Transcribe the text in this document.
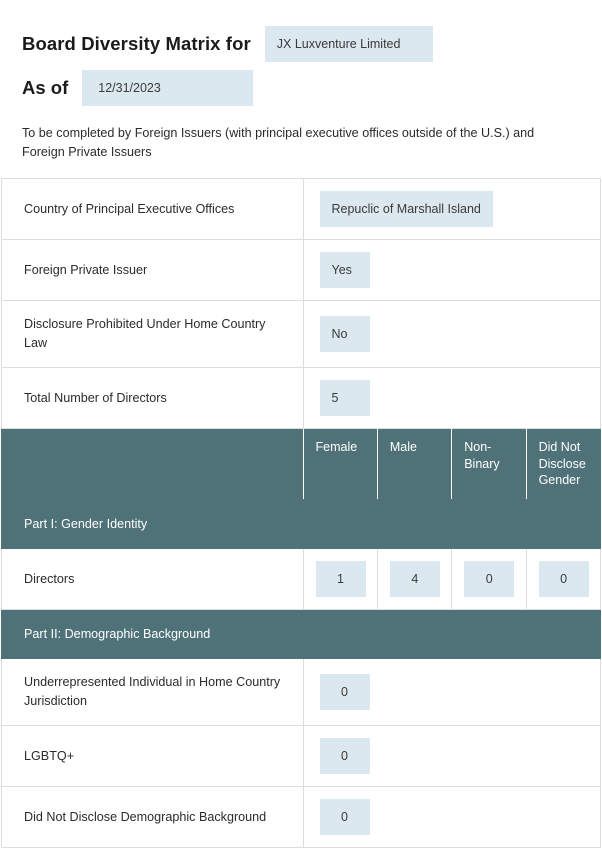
Board Diversity Matrix for	JX Luxventure Limited
As of	12/31/2023
To be completed by Foreign Issuers (with principal executive offices outside of the U.S.) and Foreign Private Issuers
Country of Principal Executive Offices	Repuclic of Marshall Island			
Foreign Private Issuer	Yes			
Disclosure Prohibited Under Home Country Law	No			
Total Number of Directors	5			

	Female	Male	Non-Binary	Did Not Disclose Gender

Part I: Gender Identity				
Directors	1	4	0	0
Part II: Demographic Background				
Underrepresented Individual in Home Country Jurisdiction	0			
LGBTQ+	0			
Did Not Disclose Demographic Background	0			
